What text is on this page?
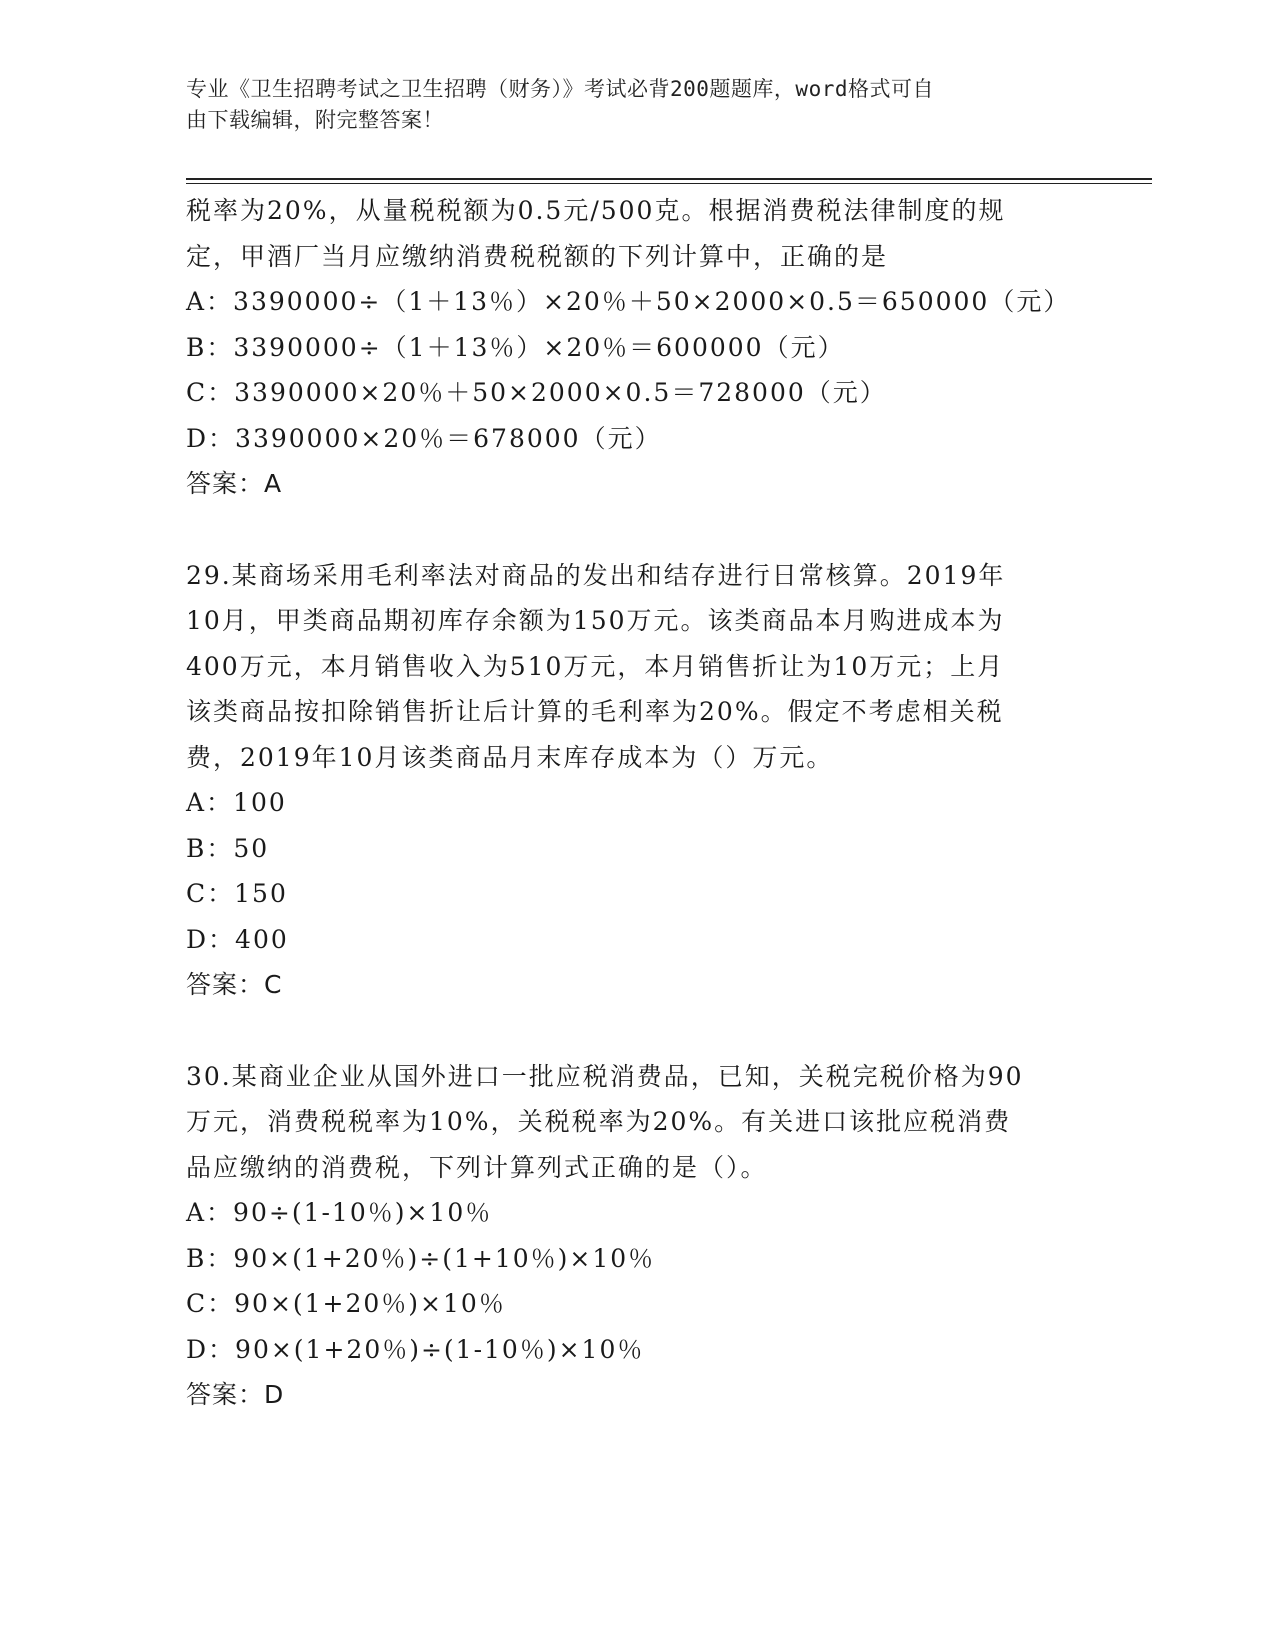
专业《卫生招聘考试之卫生招聘（财务）》考试必背200题题库，word格式可自
由下载编辑，附完整答案！
税率为20%，从量税税额为0.5元/500克。根据消费税法律制度的规
定，甲酒厂当月应缴纳消费税税额的下列计算中，正确的是
A：3390000÷（1＋13％）×20％＋50×2000×0.5＝650000（元）
B：3390000÷（1＋13％）×20％＝600000（元）
C：3390000×20％＋50×2000×0.5＝728000（元）
D：3390000×20％＝678000（元）
答案：A
29.某商场采用毛利率法对商品的发出和结存进行日常核算。2019年
10月，甲类商品期初库存余额为150万元。该类商品本月购进成本为
400万元，本月销售收入为510万元，本月销售折让为10万元；上月
该类商品按扣除销售折让后计算的毛利率为20%。假定不考虑相关税
费，2019年10月该类商品月末库存成本为（）万元。
A：100
B：50
C：150
D：400
答案：C
30.某商业企业从国外进口一批应税消费品，已知，关税完税价格为90
万元，消费税税率为10%，关税税率为20%。有关进口该批应税消费
品应缴纳的消费税，下列计算列式正确的是（）。
A：90÷(1-10％)×10％
B：90×(1+20％)÷(1+10％)×10％
C：90×(1+20％)×10％
D：90×(1+20％)÷(1-10％)×10％
答案：D
